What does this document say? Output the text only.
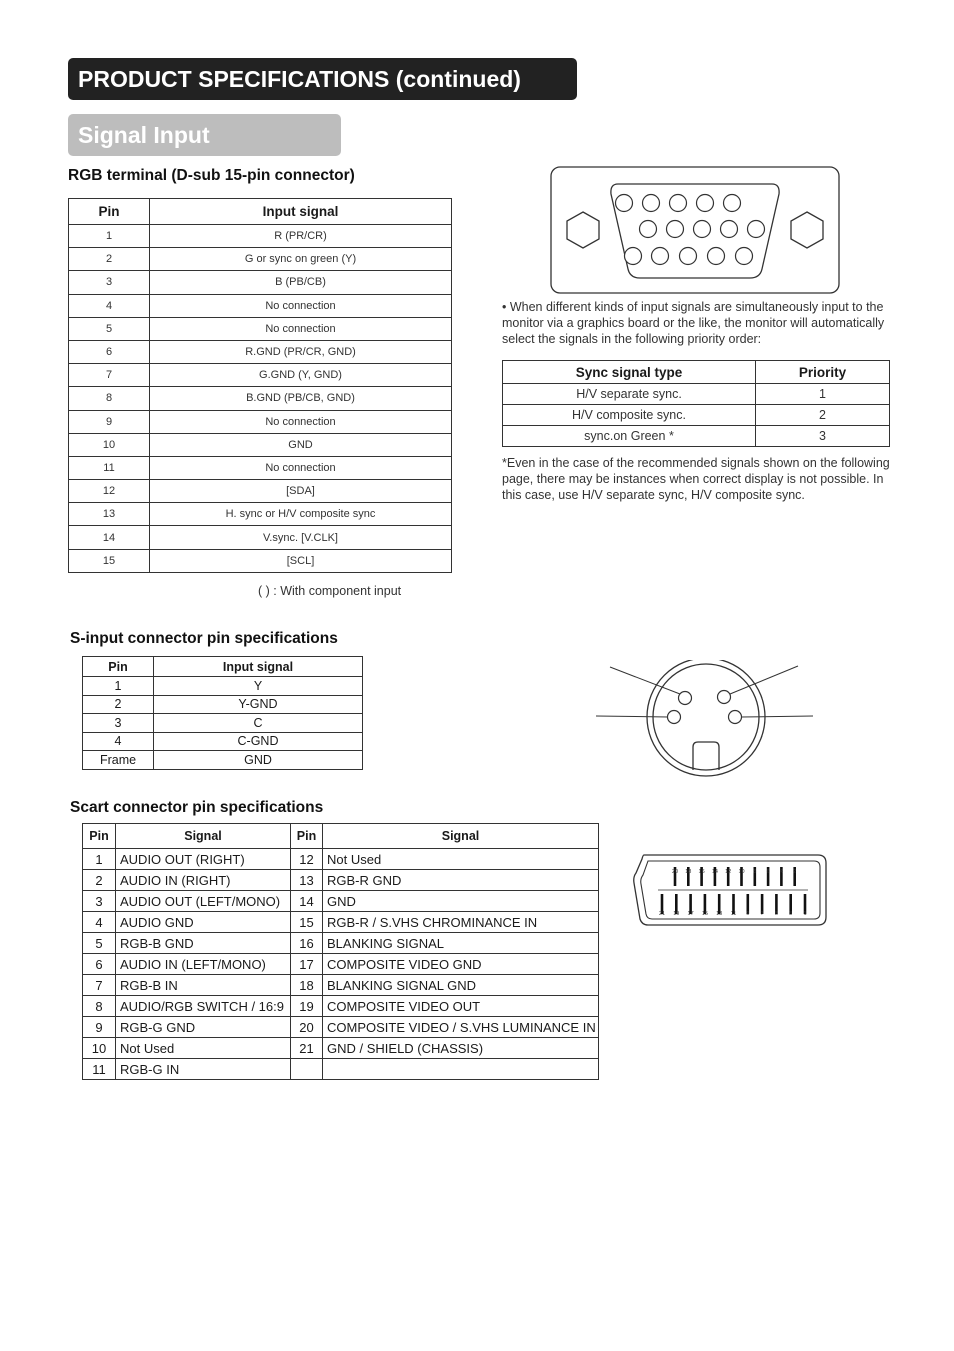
PRODUCT SPECIFICATIONS (continued)
Signal Input
RGB terminal (D-sub 15-pin connector)
Pin	Input signal
1	R (PR/CR)
2	G or sync on green (Y)
3	B (PB/CB)
4	No connection
5	No connection
6	R.GND (PR/CR, GND)
7	G.GND (Y, GND)
8	B.GND (PB/CB, GND)
9	No connection
10	GND
11	No connection
12	[SDA]
13	H. sync or H/V composite sync
14	V.sync. [V.CLK]
15	[SCL]
( ) : With component input
• When different kinds of input signals are simultaneously input to the monitor via a graphics board or the like, the monitor will automatically select the signals in the following priority order:
Sync signal type	Priority
H/V separate sync.	1
H/V composite sync.	2
sync.on Green *	3
*Even in the case of the recommended signals shown on the following page, there may be instances when correct display is not possible. In this case, use H/V separate sync, H/V composite sync.
S-input connector pin specifications
Pin	Input signal
1	Y
2	Y-GND
3	C
4	C-GND
Frame	GND
Scart connector pin specifications
Pin	Signal	Pin	Signal
1	AUDIO OUT (RIGHT)	12	Not Used
2	AUDIO IN (RIGHT)	13	RGB-R GND
3	AUDIO OUT (LEFT/MONO)	14	GND
4	AUDIO GND	15	RGB-R / S.VHS CHROMINANCE IN
5	RGB-B GND	16	BLANKING SIGNAL
6	AUDIO IN (LEFT/MONO)	17	COMPOSITE VIDEO GND
7	RGB-B IN	18	BLANKING SIGNAL GND
8	AUDIO/RGB SWITCH / 16:9	19	COMPOSITE VIDEO OUT
9	RGB-G GND	20	COMPOSITE VIDEO / S.VHS LUMINANCE IN
10	Not Used	21	GND / SHIELD (CHASSIS)
11	RGB-G IN		
20 18 16 14 12 10 8 6 4 2
21 19 17 15 13 11 9 7 5 3 1
